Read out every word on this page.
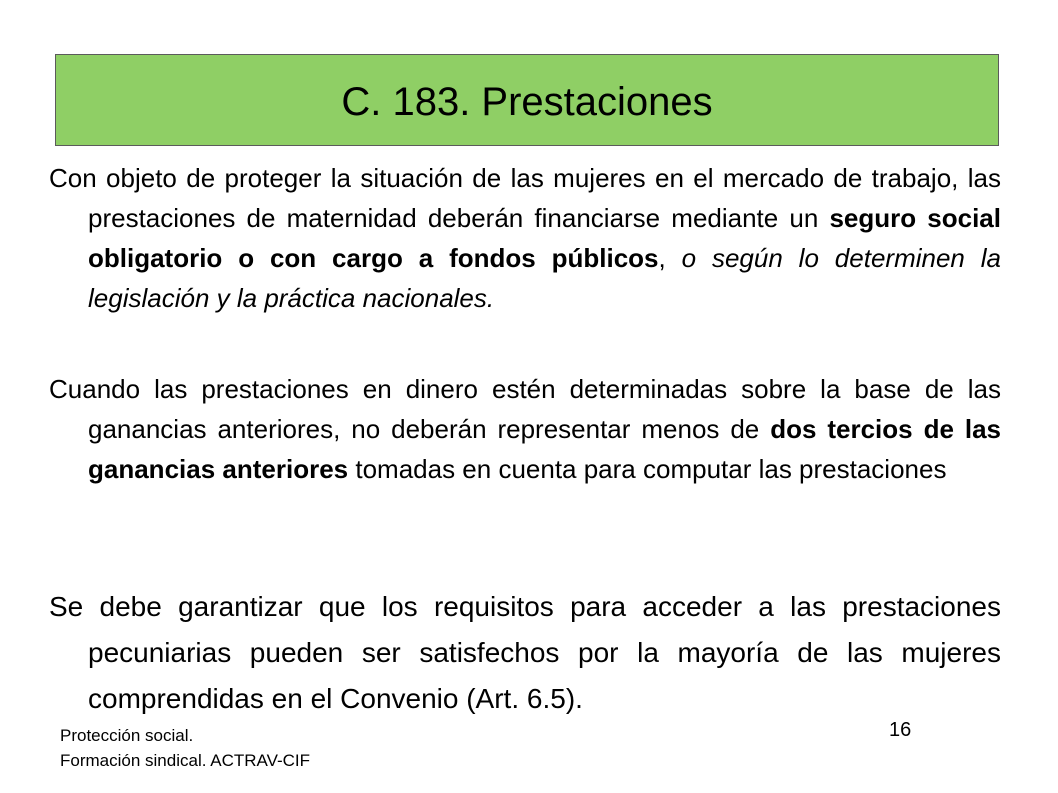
C. 183. Prestaciones

Con objeto de proteger la situación de las mujeres en el mercado de trabajo, las prestaciones de maternidad deberán financiarse mediante un seguro social obligatorio o con cargo a fondos públicos, o según lo determinen la legislación y la práctica nacionales.

Cuando las prestaciones en dinero estén determinadas sobre la base de las ganancias anteriores, no deberán representar menos de dos tercios de las ganancias anteriores tomadas en cuenta para computar las prestaciones

Se debe garantizar que los requisitos para acceder a las prestaciones pecuniarias pueden ser satisfechos por la mayoría de las mujeres comprendidas en el Convenio (Art. 6.5).

Protección social.
Formación sindical. ACTRAV-CIF

16
